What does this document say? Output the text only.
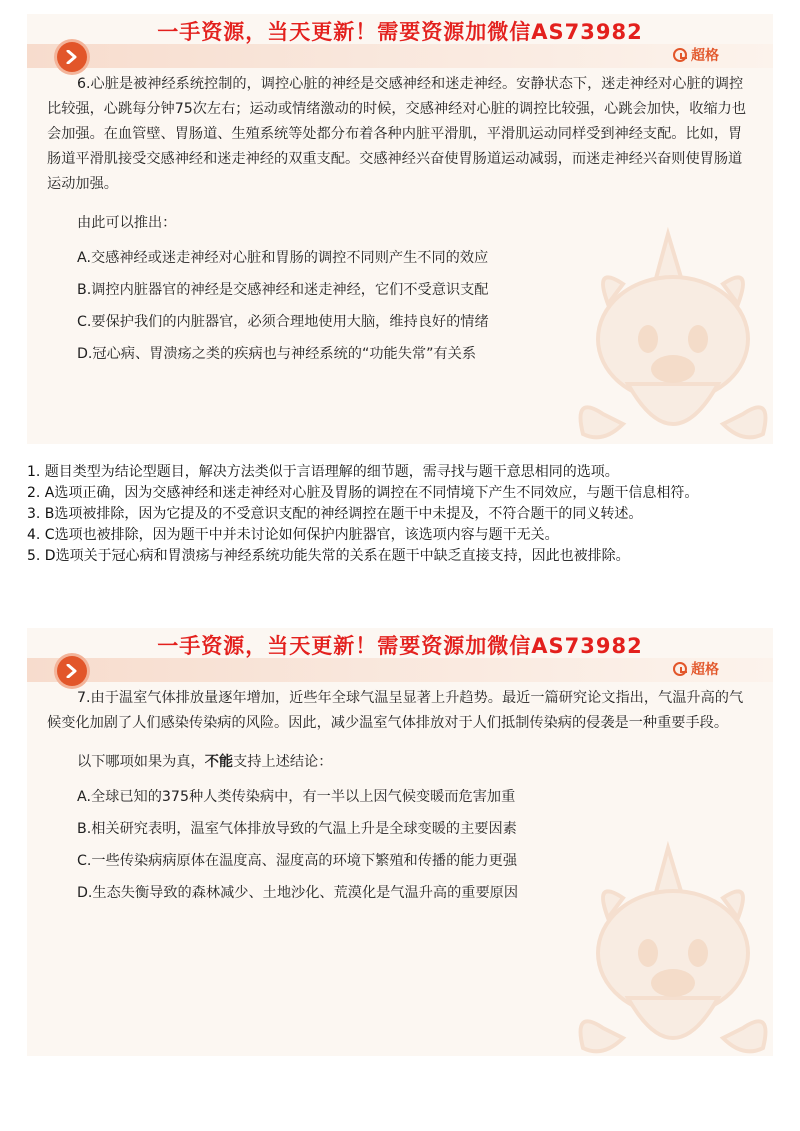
一手资源，当天更新！需要资源加微信AS73982
超格

6.心脏是被神经系统控制的，调控心脏的神经是交感神经和迷走神经。安静状态下，迷走神经对心脏的调控比较强，心跳每分钟75次左右；运动或情绪激动的时候，交感神经对心脏的调控比较强，心跳会加快，收缩力也会加强。在血管壁、胃肠道、生殖系统等处都分布着各种内脏平滑肌，平滑肌运动同样受到神经支配。比如，胃肠道平滑肌接受交感神经和迷走神经的双重支配。交感神经兴奋使胃肠道运动减弱，而迷走神经兴奋则使胃肠道运动加强。

由此可以推出：

A.交感神经或迷走神经对心脏和胃肠的调控不同则产生不同的效应
B.调控内脏器官的神经是交感神经和迷走神经，它们不受意识支配
C.要保护我们的内脏器官，必须合理地使用大脑，维持良好的情绪
D.冠心病、胃溃疡之类的疾病也与神经系统的“功能失常”有关系
1. 题目类型为结论型题目，解决方法类似于言语理解的细节题，需寻找与题干意思相同的选项。
2. A选项正确，因为交感神经和迷走神经对心脏及胃肠的调控在不同情境下产生不同效应，与题干信息相符。
3. B选项被排除，因为它提及的不受意识支配的神经调控在题干中未提及，不符合题干的同义转述。
4. C选项也被排除，因为题干中并未讨论如何保护内脏器官，该选项内容与题干无关。
5. D选项关于冠心病和胃溃疡与神经系统功能失常的关系在题干中缺乏直接支持，因此也被排除。
一手资源，当天更新！需要资源加微信AS73982
超格

7.由于温室气体排放量逐年增加，近些年全球气温呈显著上升趋势。最近一篇研究论文指出，气温升高的气候变化加剧了人们感染传染病的风险。因此，减少温室气体排放对于人们抵制传染病的侵袭是一种重要手段。

以下哪项如果为真，不能支持上述结论：

A.全球已知的375种人类传染病中，有一半以上因气候变暖而危害加重
B.相关研究表明，温室气体排放导致的气温上升是全球变暖的主要因素
C.一些传染病病原体在温度高、湿度高的环境下繁殖和传播的能力更强
D.生态失衡导致的森林减少、土地沙化、荒漠化是气温升高的重要原因
